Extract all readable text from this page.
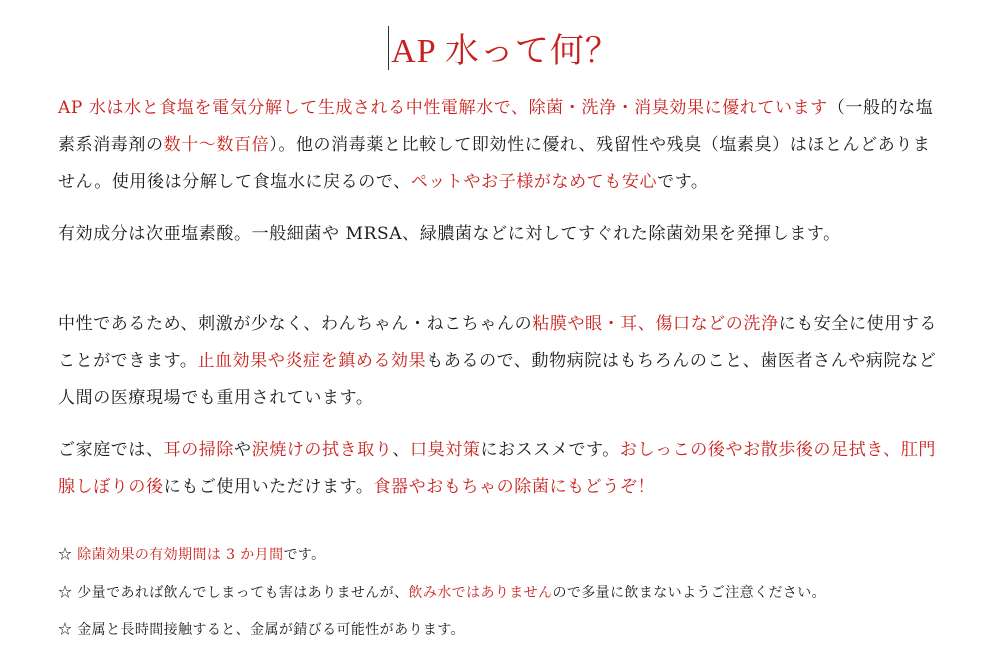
AP 水って何？
AP 水は水と食塩を電気分解して生成される中性電解水で、除菌・洗浄・消臭効果に優れています（一般的な塩素系消毒剤の数十～数百倍）。他の消毒薬と比較して即効性に優れ、残留性や残臭（塩素臭）はほとんどありません。使用後は分解して食塩水に戻るので、ペットやお子様がなめても安心です。
有効成分は次亜塩素酸。一般細菌や MRSA、緑膿菌などに対してすぐれた除菌効果を発揮します。
中性であるため、刺激が少なく、わんちゃん・ねこちゃんの粘膜や眼・耳、傷口などの洗浄にも安全に使用することができます。止血効果や炎症を鎮める効果もあるので、動物病院はもちろんのこと、歯医者さんや病院など人間の医療現場でも重用されています。
ご家庭では、耳の掃除や涙焼けの拭き取り、口臭対策におススメです。おしっこの後やお散歩後の足拭き、肛門腺しぼりの後にもご使用いただけます。食器やおもちゃの除菌にもどうぞ！
☆ 除菌効果の有効期間は 3 か月間です。
☆ 少量であれば飲んでしまっても害はありませんが、飲み水ではありませんので多量に飲まないようご注意ください。
☆ 金属と長時間接触すると、金属が錆びる可能性があります。
